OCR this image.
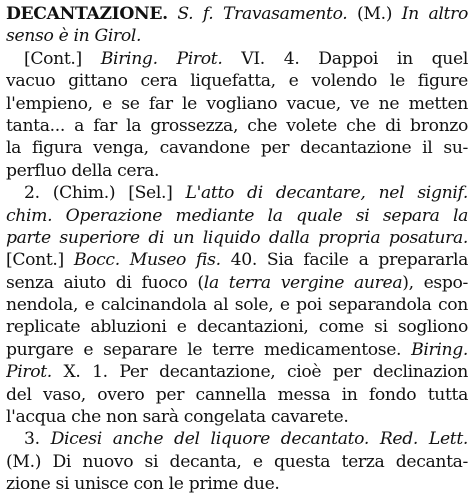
DECANTAZIONE. S. f. Travasamento. (M.) In altro
senso è in Girol.
[Cont.] Biring. Pirot. VI. 4. Dappoi in quel
vacuo gittano cera liquefatta, e volendo le figure
l'empieno, e se far le vogliano vacue, ve ne metten
tanta... a far la grossezza, che volete che di bronzo
la figura venga, cavandone per decantazione il su-
perfluo della cera.
2. (Chim.) [Sel.] L'atto di decantare, nel signif.
chim. Operazione mediante la quale si separa la
parte superiore di un liquido dalla propria posatura.
[Cont.] Bocc. Museo fis. 40. Sia facile a prepararla
senza aiuto di fuoco (la terra vergine aurea), espo-
nendola, e calcinandola al sole, e poi separandola con
replicate abluzioni e decantazioni, come si sogliono
purgare e separare le terre medicamentose. Biring.
Pirot. X. 1. Per decantazione, cioè per declinazion
del vaso, overo per cannella messa in fondo tutta
l'acqua che non sarà congelata cavarete.
3. Dicesi anche del liquore decantato. Red. Lett.
(M.) Di nuovo si decanta, e questa terza decanta-
zione si unisce con le prime due.
